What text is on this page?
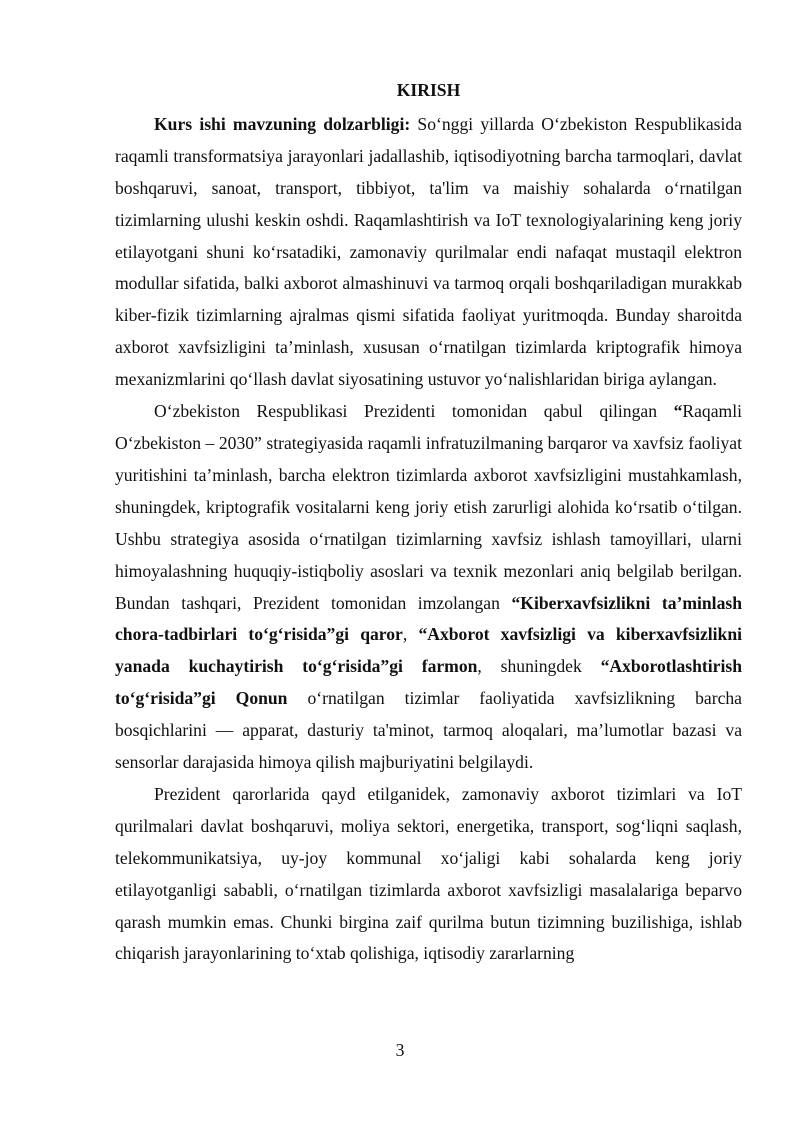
KIRISH

Kurs ishi mavzuning dolzarbligi: So‘nggi yillarda O‘zbekiston Respublikasida raqamli transformatsiya jarayonlari jadallashib, iqtisodiyotning barcha tarmoqlari, davlat boshqaruvi, sanoat, transport, tibbiyot, ta'lim va maishiy sohalarda o‘rnatilgan tizimlarning ulushi keskin oshdi. Raqamlashtirish va IoT texnologiyalarining keng joriy etilayotgani shuni ko‘rsatadiki, zamonaviy qurilmalar endi nafaqat mustaqil elektron modullar sifatida, balki axborot almashinuvi va tarmoq orqali boshqariladigan murakkab kiber-fizik tizimlarning ajralmas qismi sifatida faoliyat yuritmoqda. Bunday sharoitda axborot xavfsizligini ta’minlash, xususan o‘rnatilgan tizimlarda kriptografik himoya mexanizmlarini qo‘llash davlat siyosatining ustuvor yo‘nalishlaridan biriga aylangan.

O‘zbekiston Respublikasi Prezidenti tomonidan qabul qilingan “Raqamli O‘zbekiston – 2030” strategiyasida raqamli infratuzilmaning barqaror va xavfsiz faoliyat yuritishini ta’minlash, barcha elektron tizimlarda axborot xavfsizligini mustahkamlash, shuningdek, kriptografik vositalarni keng joriy etish zarurligi alohida ko‘rsatib o‘tilgan. Ushbu strategiya asosida o‘rnatilgan tizimlarning xavfsiz ishlash tamoyillari, ularni himoyalashning huquqiy-istiqboliy asoslari va texnik mezonlari aniq belgilab berilgan. Bundan tashqari, Prezident tomonidan imzolangan “Kiberxavfsizlikni ta’minlash chora-tadbirlari to‘g‘risida”gi qaror, “Axborot xavfsizligi va kiberxavfsizlikni yanada kuchaytirish to‘g‘risida”gi farmon, shuningdek “Axborotlashtirish to‘g‘risida”gi Qonun o‘rnatilgan tizimlar faoliyatida xavfsizlikning barcha bosqichlarini — apparat, dasturiy ta'minot, tarmoq aloqalari, ma’lumotlar bazasi va sensorlar darajasida himoya qilish majburiyatini belgilaydi.

Prezident qarorlarida qayd etilganidek, zamonaviy axborot tizimlari va IoT qurilmalari davlat boshqaruvi, moliya sektori, energetika, transport, sog‘liqni saqlash, telekommunikatsiya, uy-joy kommunal xo‘jaligi kabi sohalarda keng joriy etilayotganligi sababli, o‘rnatilgan tizimlarda axborot xavfsizligi masalalariga beparvo qarash mumkin emas. Chunki birgina zaif qurilma butun tizimning buzilishiga, ishlab chiqarish jarayonlarining to‘xtab qolishiga, iqtisodiy zararlarning

3
